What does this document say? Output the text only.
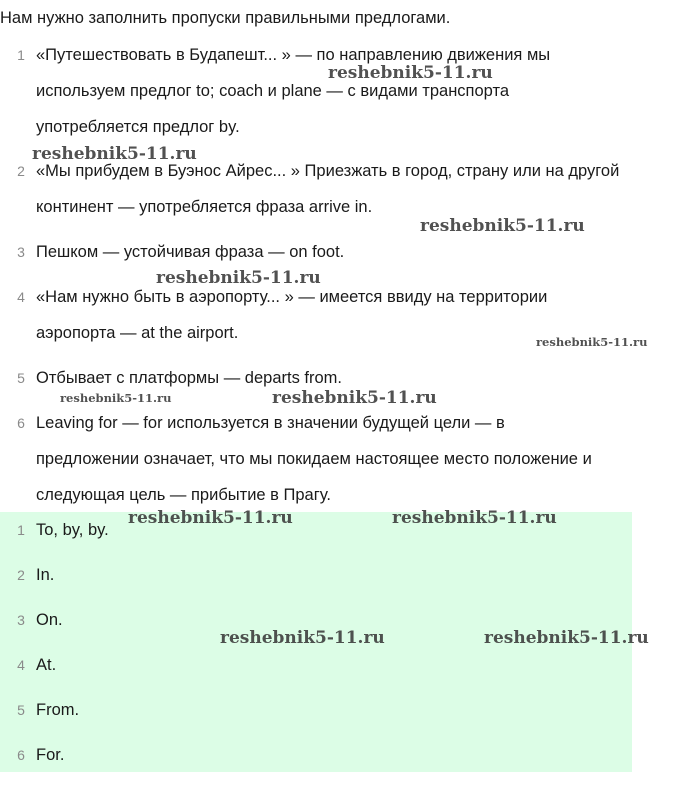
Нам нужно заполнить пропуски правильными предлогами.
1 «Путешествовать в Будапешт... » — по направлению движения мы
используем предлог to; coach и plane — с видами транспорта
употребляется предлог by.
2 «Мы прибудем в Буэнос Айрес... » Приезжать в город, страну или на другой
континент — употребляется фраза arrive in.
3 Пешком — устойчивая фраза — on foot.
4 «Нам нужно быть в аэропорту... » — имеется ввиду на территории
аэропорта — at the airport.
5 Отбывает с платформы — departs from.
6 Leaving for — for используется в значении будущей цели — в
предложении означает, что мы покидаем настоящее место положение и
следующая цель — прибытие в Прагу.
1 To, by, by.
2 In.
3 On.
4 At.
5 From.
6 For.
reshebnik5-11.ru
reshebnik5-11.ru
reshebnik5-11.ru
reshebnik5-11.ru
reshebnik5-11.ru
reshebnik5-11.ru	reshebnik5-11.ru
reshebnik5-11.ru	reshebnik5-11.ru
reshebnik5-11.ru	reshebnik5-11.ru
